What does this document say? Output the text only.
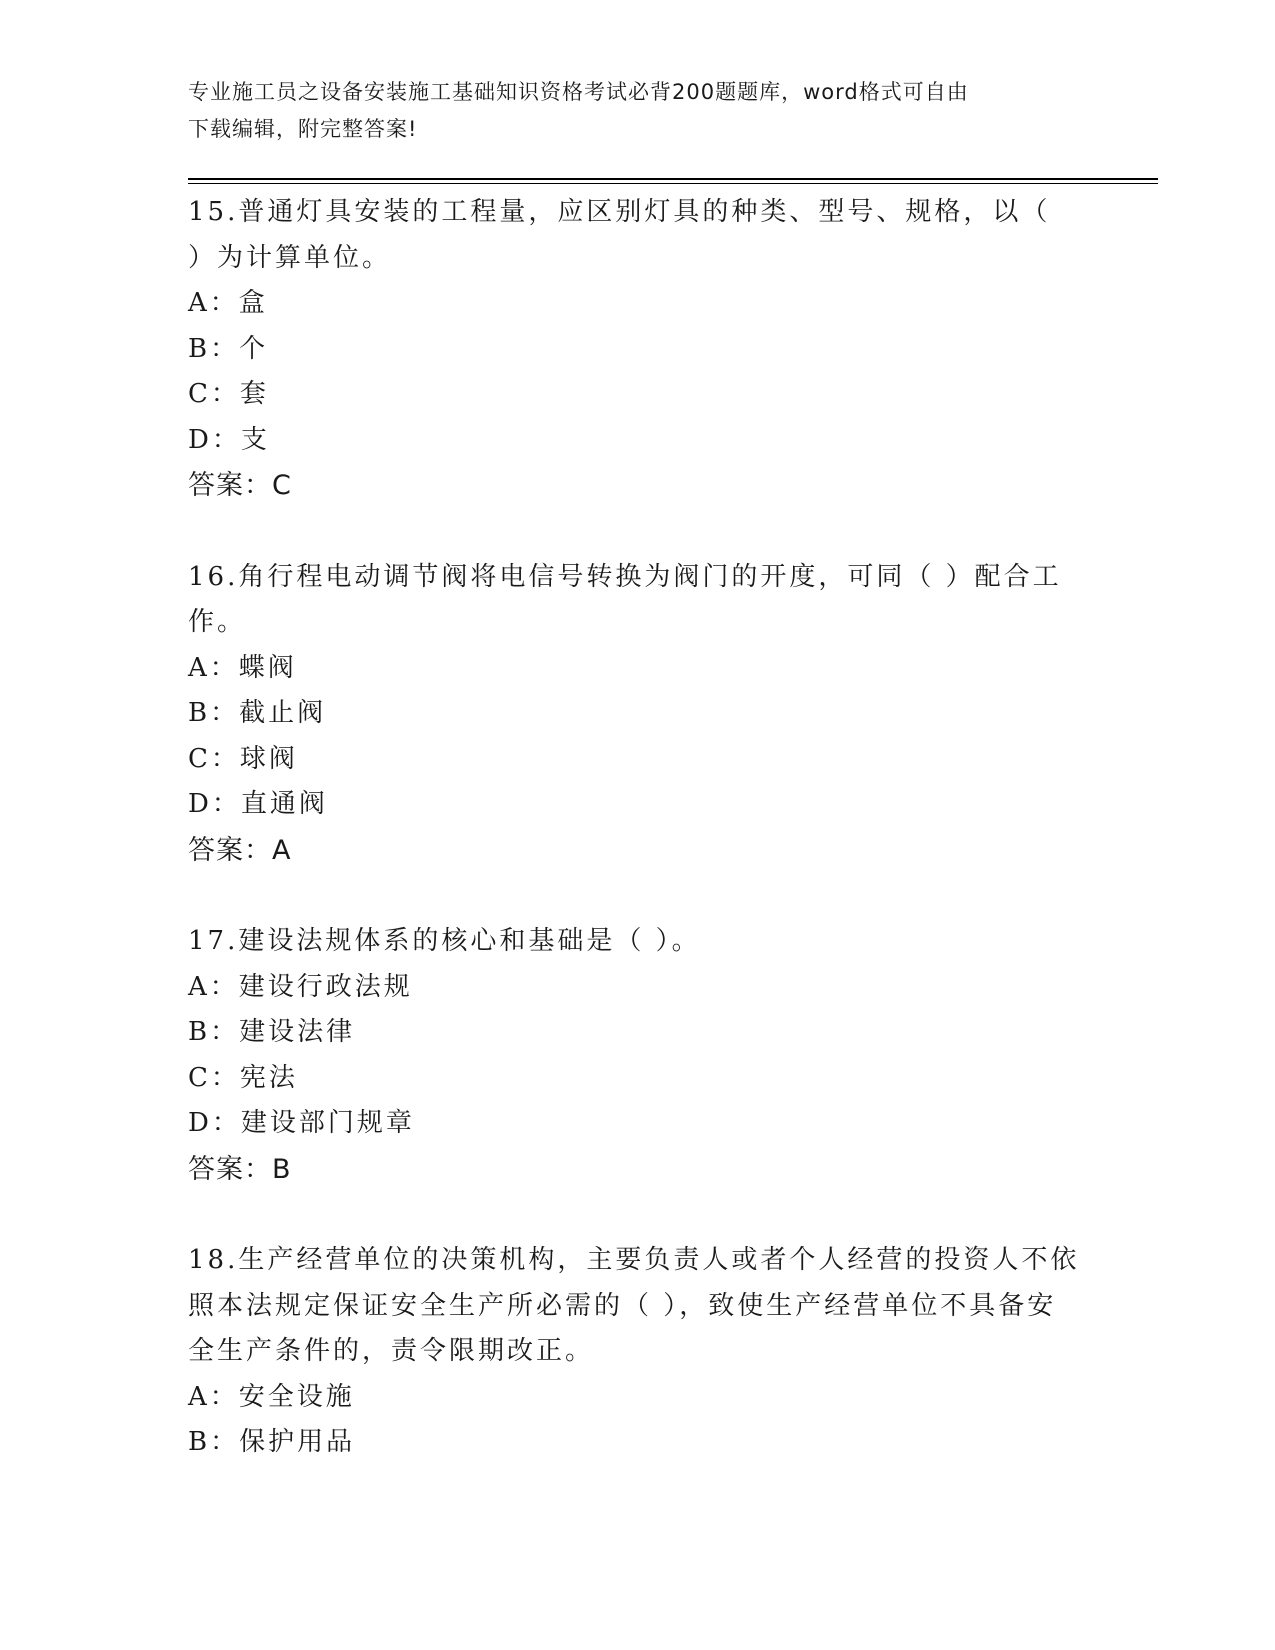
专业施工员之设备安装施工基础知识资格考试必背200题题库，word格式可自由
下载编辑，附完整答案!
15.普通灯具安装的工程量，应区别灯具的种类、型号、规格，以（
）为计算单位。
A：盒
B：个
C：套
D：支
答案：C
16.角行程电动调节阀将电信号转换为阀门的开度，可同（ ）配合工
作。
A：蝶阀
B：截止阀
C：球阀
D：直通阀
答案：A
17.建设法规体系的核心和基础是（ ）。
A：建设行政法规
B：建设法律
C：宪法
D：建设部门规章
答案：B
18.生产经营单位的决策机构，主要负责人或者个人经营的投资人不依
照本法规定保证安全生产所必需的（ ），致使生产经营单位不具备安
全生产条件的，责令限期改正。
A：安全设施
B：保护用品
